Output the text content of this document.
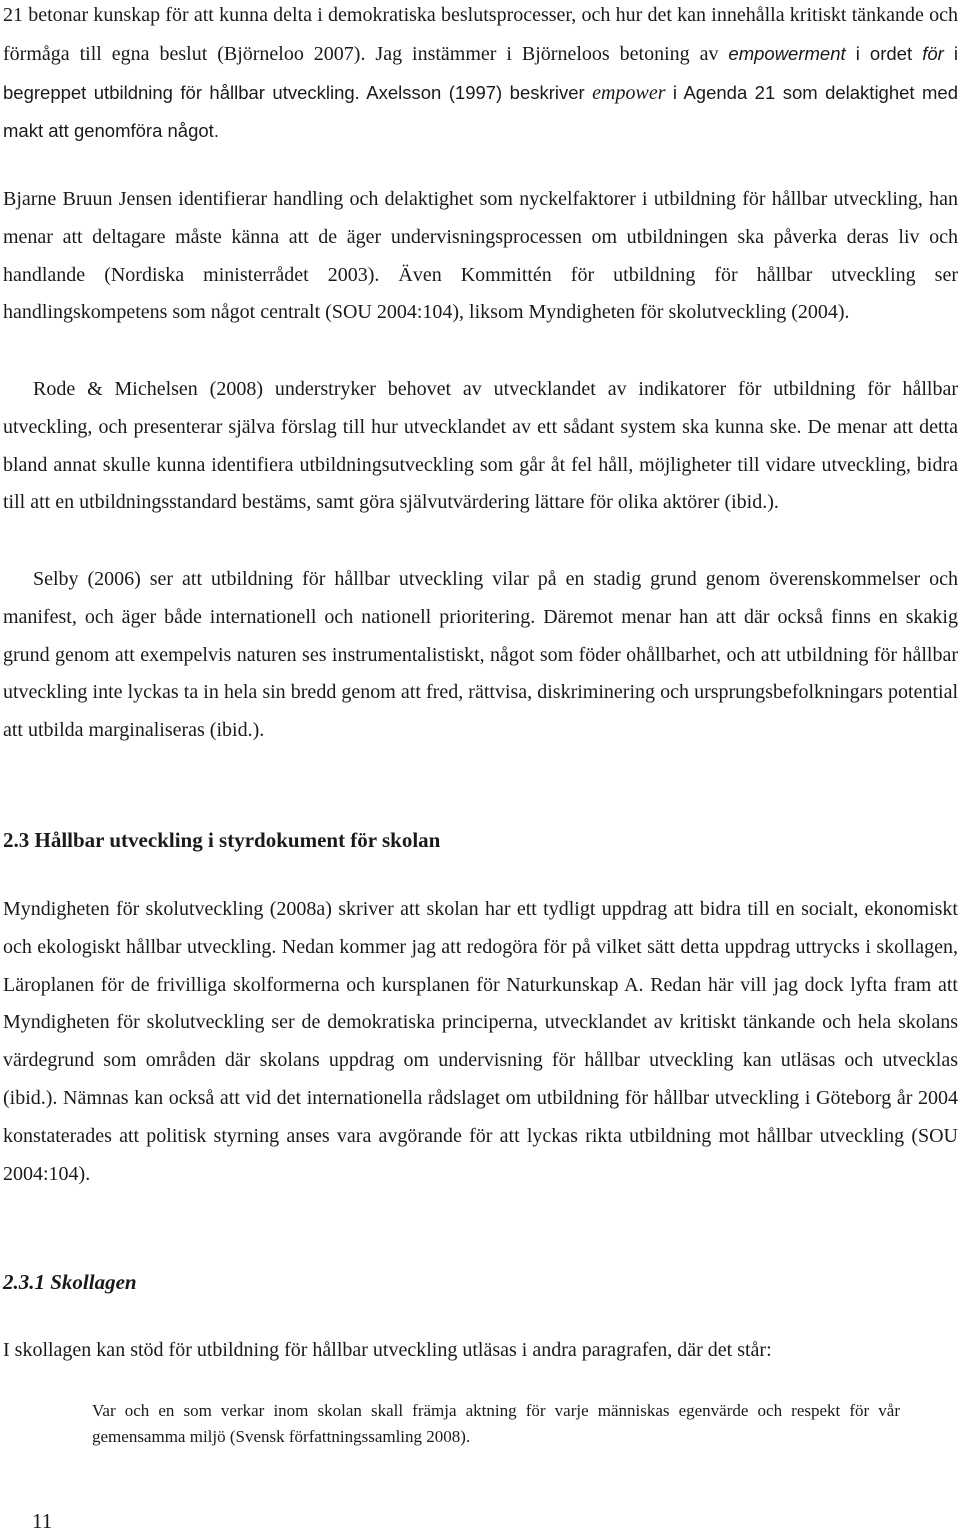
21 betonar kunskap för att kunna delta i demokratiska beslutsprocesser, och hur det kan innehålla kritiskt tänkande och förmåga till egna beslut (Björneloo 2007). Jag instämmer i Björneloos betoning av empowerment i ordet för i begreppet utbildning för hållbar utveckling. Axelsson (1997) beskriver empower i Agenda 21 som delaktighet med makt att genomföra något.

Bjarne Bruun Jensen identifierar handling och delaktighet som nyckelfaktorer i utbildning för hållbar utveckling, han menar att deltagare måste känna att de äger undervisningsprocessen om utbildningen ska påverka deras liv och handlande (Nordiska ministerrådet 2003). Även Kommittén för utbildning för hållbar utveckling ser handlingskompetens som något centralt (SOU 2004:104), liksom Myndigheten för skolutveckling (2004).

Rode & Michelsen (2008) understryker behovet av utvecklandet av indikatorer för utbildning för hållbar utveckling, och presenterar själva förslag till hur utvecklandet av ett sådant system ska kunna ske. De menar att detta bland annat skulle kunna identifiera utbildningsutveckling som går åt fel håll, möjligheter till vidare utveckling, bidra till att en utbildningsstandard bestäms, samt göra självutvärdering lättare för olika aktörer (ibid.).

Selby (2006) ser att utbildning för hållbar utveckling vilar på en stadig grund genom överenskommelser och manifest, och äger både internationell och nationell prioritering. Däremot menar han att där också finns en skakig grund genom att exempelvis naturen ses instrumentalistiskt, något som föder ohållbarhet, och att utbildning för hållbar utveckling inte lyckas ta in hela sin bredd genom att fred, rättvisa, diskriminering och ursprungsbefolkningars potential att utbilda marginaliseras (ibid.).

2.3 Hållbar utveckling i styrdokument för skolan

Myndigheten för skolutveckling (2008a) skriver att skolan har ett tydligt uppdrag att bidra till en socialt, ekonomiskt och ekologiskt hållbar utveckling. Nedan kommer jag att redogöra för på vilket sätt detta uppdrag uttrycks i skollagen, Läroplanen för de frivilliga skolformerna och kursplanen för Naturkunskap A. Redan här vill jag dock lyfta fram att Myndigheten för skolutveckling ser de demokratiska principerna, utvecklandet av kritiskt tänkande och hela skolans värdegrund som områden där skolans uppdrag om undervisning för hållbar utveckling kan utläsas och utvecklas (ibid.). Nämnas kan också att vid det internationella rådslaget om utbildning för hållbar utveckling i Göteborg år 2004 konstaterades att politisk styrning anses vara avgörande för att lyckas rikta utbildning mot hållbar utveckling (SOU 2004:104).

2.3.1 Skollagen

I skollagen kan stöd för utbildning för hållbar utveckling utläsas i andra paragrafen, där det står:

Var och en som verkar inom skolan skall främja aktning för varje människas egenvärde och respekt för vår gemensamma miljö (Svensk författningssamling 2008).

11
